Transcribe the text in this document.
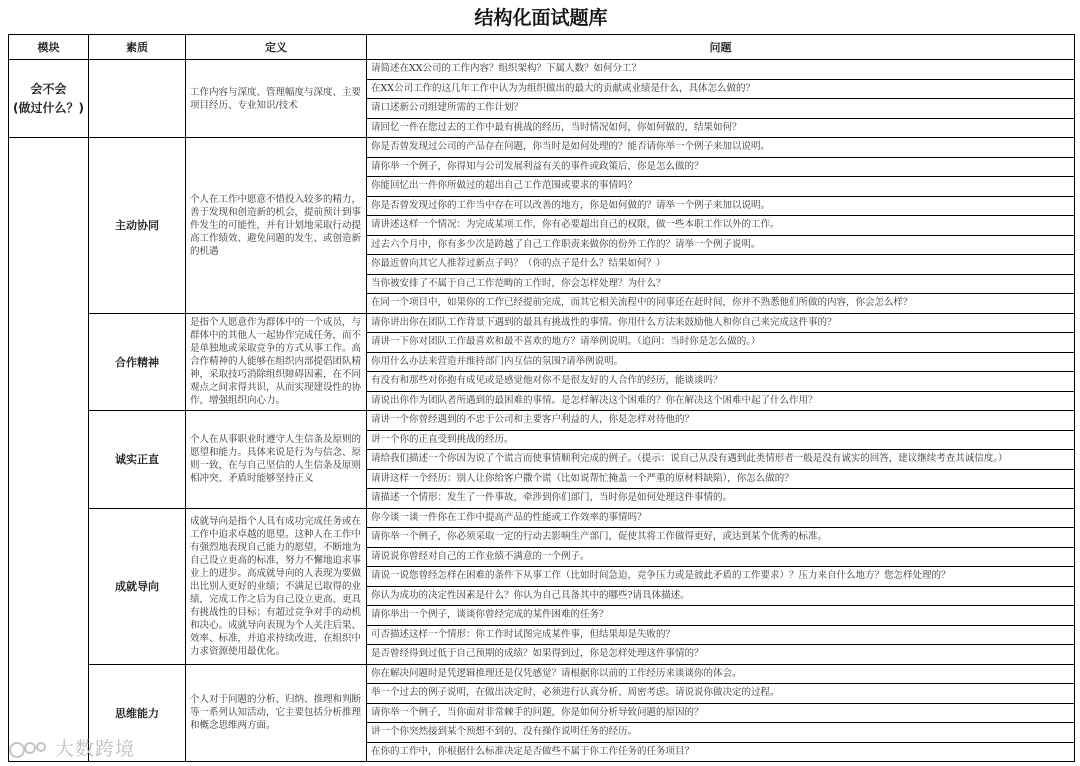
结构化面试题库
模块	素质	定义	问题
会不会
(做过什么？)		工作内容与深度、管理幅度与深度、主要项目经历、专业知识/技术	请简述在XX公司的工作内容？组织架构？下属人数？如何分工？
			在XX公司工作的这几年工作中认为为组织做出的最大的贡献或业绩是什么，具体怎么做的？
			请口述新公司组建所需的工作计划？
			请回忆一件在您过去的工作中最有挑战的经历，当时情况如何，你如何做的，结果如何？
	主动协同	个人在工作中愿意不惜投入较多的精力，善于发现和创造新的机会，提前预计到事件发生的可能性，并有计划地采取行动提高工作绩效、避免问题的发生、或创造新的机遇	你是否曾发现过公司的产品存在问题，你当时是如何处理的？能否请你举一个例子来加以说明。
			请你举一个例子，你得知与公司发展利益有关的事件或政策后，你是怎么做的？
			你能回忆出一件你所做过的超出自己工作范围或要求的事情吗？
			你是否曾发现过你的工作当中存在可以改善的地方，你是如何做的？请举一个例子来加以说明。
			请讲述这样一个情况：为完成某项工作，你有必要超出自己的权限，做一些本职工作以外的工作。
			过去六个月中，你有多少次是跨越了自己工作职责来做你的份外工作的？请举一个例子说明。
			你最近曾向其它人推荐过新点子吗？（你的点子是什么？结果如何？）
			当你被安排了不属于自己工作范畴的工作时，你会怎样处理？为什么？
			在同一个项目中，如果你的工作已经提前完成，而其它相关流程中的同事还在赶时间，你并不熟悉他们所做的内容，你会怎么样？
	合作精神	是指个人愿意作为群体中的一个成员，与群体中的其他人一起协作完成任务，而不是单独地或采取竞争的方式从事工作。高合作精神的人能够在组织内部提倡团队精神，采取技巧消除组织障碍因素，在不同观点之间求得共识，从而实现建设性的协作，增强组织向心力。	请你讲出你在团队工作背景下遇到的最具有挑战性的事情。你用什么方法来鼓励他人和你自己来完成这件事的？
			请讲一下你对团队工作最喜欢和最不喜欢的地方？请举例说明。（追问：当时你是怎么做的。）
			你用什么办法来营造并维持部门内互信的氛围?请举例说明。
			有没有和那些对你抱有成见或是感觉他对你不是很友好的人合作的经历，能谈谈吗？
			请说出你作为团队者所遇到的最困难的事情。是怎样解决这个困难的？你在解决这个困难中起了什么作用？
	诚实正直	个人在从事职业时遵守人生信条及原则的愿望和能力。具体来说是行为与信念、原则一致，在与自己坚信的人生信条及原则相冲突、矛盾时能够坚持正义	请讲一个你曾经遇到的不忠于公司和主要客户利益的人，你是怎样对待他的？
			讲一个你的正直受到挑战的经历。
			请给我们描述一个你因为说了个谎言而使事情顺利完成的例子。（提示：说自己从没有遇到此类情形者一般是没有诚实的回答，建议继续考查其诚信度。）
			请讲这样一个经历：别人让你给客户撒个谎（比如说帮忙掩盖一个严重的原材料缺陷），你怎么做的？
			请描述一个情形：发生了一件事故，牵涉到你们部门，当时你是如何处理这件事情的。
	成就导向	成就导向是指个人具有成功完成任务或在工作中追求卓越的愿望。这种人在工作中有强烈地表现自己能力的愿望，不断地为自己设立更高的标准，努力不懈地追求事业上的进步。高成就导向的人表现为要做出比别人更好的业绩；不满足已取得的业绩，完成工作之后为自己设立更高、更具有挑战性的目标；有超过竞争对手的动机和决心。成就导向表现为个人关注后果、效率、标准，并追求持续改进，在组织中力求资源使用最优化。	你今谈一谈一件你在工作中提高产品的性能或工作效率的事情吗？
			请你举一个例子，你必须采取一定的行动去影响生产部门，促使其将工作做得更好，或达到某个优秀的标准。
			请说说你曾经对自己的工作业绩不满意的一个例子。
			请说一说您曾经怎样在困难的条件下从事工作（比如时间急迫，竞争压力或是彼此矛盾的工作要求）？压力来自什么地方？您怎样处理的？
			你认为成功的决定性因素是什么？你认为自己具备其中的哪些?请具体描述。
			请你举出一个例子，谈谈你曾经完成的某件困难的任务？
			可否描述这样一个情形：你工作时试图完成某件事，但结果却是失败的？
			是否曾经得到过低于自己预期的成绩？如果得到过，你是怎样处理这件事情的？
	思维能力	个人对于问题的分析、归纳、推理和判断等一系列认知活动，它主要包括分析推理和概念思维两方面。	你在解决问题时是凭逻辑推理还是仅凭感觉？请根据你以前的工作经历来谈谈你的体会。
			举一个过去的例子说明，在做出决定时，必须进行认真分析、周密考虑。请说说你做决定的过程。
			请你举一个例子，当你面对非常棘手的问题，你是如何分析导致问题的原因的？
			讲一个你突然接到某个预想不到的、没有操作说明任务的经历。
			在你的工作中，你根据什么标准决定是否做些不属于你工作任务的任务项目？
大数跨境
